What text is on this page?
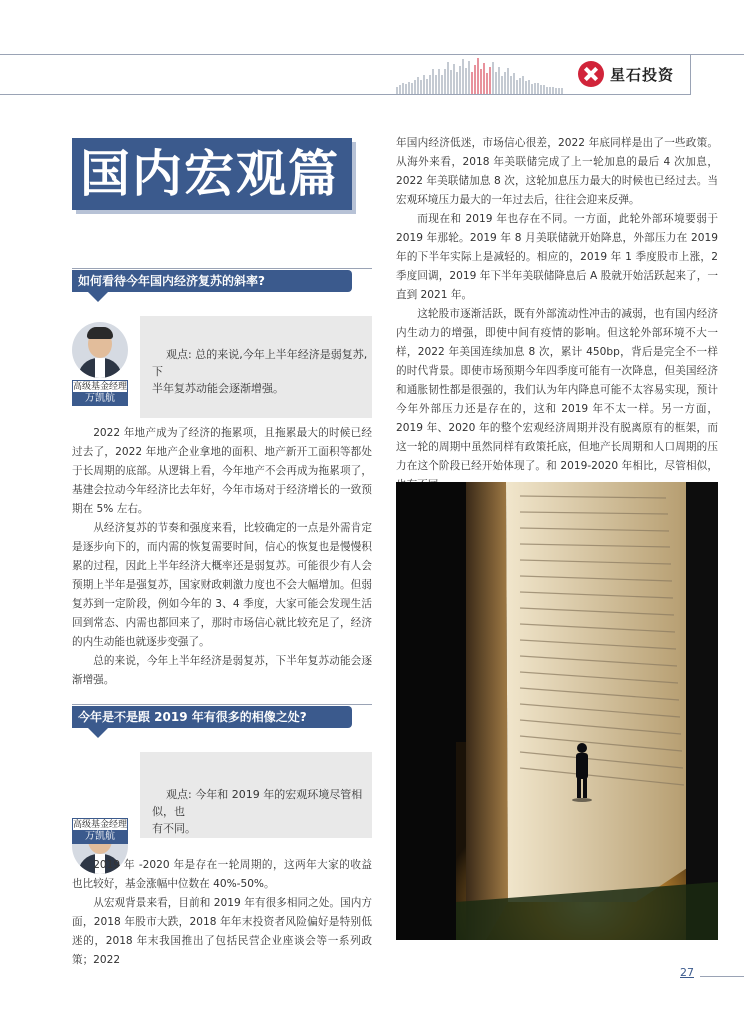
星石投资
国内宏观篇
如何看待今年国内经济复苏的斜率?
高级基金经理
万凯航
观点: 总的来说,今年上半年经济是弱复苏,下
半年复苏动能会逐渐增强。

2022 年地产成为了经济的拖累项，且拖累最大的时候已经过去了，2022 年地产企业拿地的面积、地产新开工面积等都处于长周期的底部。从逻辑上看，今年地产不会再成为拖累项了，基建会拉动今年经济比去年好，今年市场对于经济增长的一致预期在 5% 左右。

从经济复苏的节奏和强度来看，比较确定的一点是外需肯定是逐步向下的，而内需的恢复需要时间，信心的恢复也是慢慢积累的过程，因此上半年经济大概率还是弱复苏。可能很少有人会预期上半年是强复苏，国家财政刺激力度也不会大幅增加。但弱复苏到一定阶段，例如今年的 3、4 季度，大家可能会发现生活回到常态、内需也都回来了，那时市场信心就比较充足了，经济的内生动能也就逐步变强了。

总的来说，今年上半年经济是弱复苏，下半年复苏动能会逐渐增强。

今年是不是跟 2019 年有很多的相像之处?
高级基金经理
万凯航
观点: 今年和 2019 年的宏观环境尽管相似，也
有不同。

2019 年 -2020 年是存在一轮周期的，这两年大家的收益也比较好，基金涨幅中位数在 40%-50%。

从宏观背景来看，目前和 2019 年有很多相同之处。国内方面，2018 年股市大跌，2018 年年末投资者风险偏好是特别低迷的，2018 年末我国推出了包括民营企业座谈会等一系列政策；2022

年国内经济低迷，市场信心很差，2022 年底同样是出了一些政策。从海外来看，2018 年美联储完成了上一轮加息的最后 4 次加息，2022 年美联储加息 8 次，这轮加息压力最大的时候也已经过去。当宏观环境压力最大的一年过去后，往往会迎来反弹。

而现在和 2019 年也存在不同。一方面，此轮外部环境要弱于 2019 年那轮。2019 年 8 月美联储就开始降息，外部压力在 2019 年的下半年实际上是减轻的。相应的，2019 年 1 季度股市上涨，2 季度回调，2019 年下半年美联储降息后 A 股就开始活跃起来了，一直到 2021 年。

这轮股市逐渐活跃，既有外部流动性冲击的减弱，也有国内经济内生动力的增强，即使中间有疫情的影响。但这轮外部环境不大一样，2022 年美国连续加息 8 次，累计 450bp，背后是完全不一样的时代背景。即使市场预期今年四季度可能有一次降息，但美国经济和通胀韧性都是很强的，我们认为年内降息可能不太容易实现，预计今年外部压力还是存在的，这和 2019 年不太一样。另一方面，2019 年、2020 年的整个宏观经济周期并没有脱离原有的框架，而这一轮的周期中虽然同样有政策托底，但地产长周期和人口周期的压力在这个阶段已经开始体现了。和 2019-2020 年相比，尽管相似，

27
